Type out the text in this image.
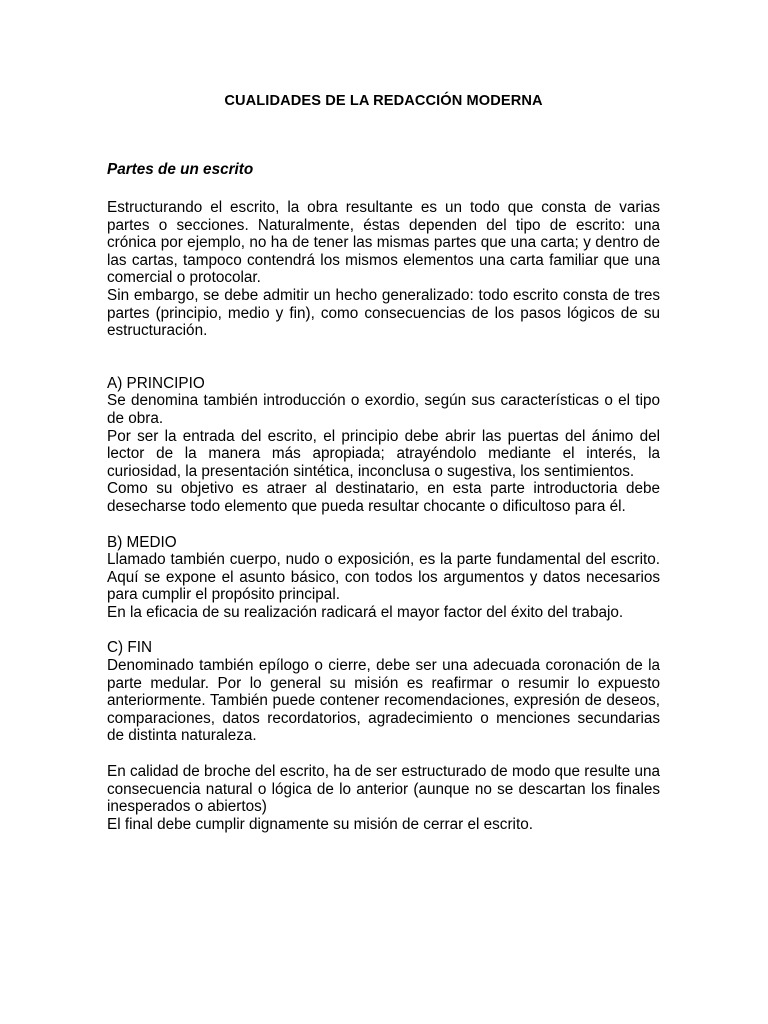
CUALIDADES DE LA REDACCIÓN MODERNA
Partes de un escrito

Estructurando el escrito, la obra resultante es un todo que consta de varias partes o secciones. Naturalmente, éstas dependen del tipo de escrito: una crónica por ejemplo, no ha de tener las mismas partes que una carta; y dentro de las cartas, tampoco contendrá los mismos elementos una carta familiar que una comercial o protocolar.

Sin embargo, se debe admitir un hecho generalizado: todo escrito consta de tres partes (principio, medio y fin), como consecuencias de los pasos lógicos de su estructuración.

A) PRINCIPIO

Se denomina también introducción o exordio, según sus características o el tipo de obra.

Por ser la entrada del escrito, el principio debe abrir las puertas del ánimo del lector de la manera más apropiada; atrayéndolo mediante el interés, la curiosidad, la presentación sintética, inconclusa o sugestiva, los sentimientos.

Como su objetivo es atraer al destinatario, en esta parte introductoria debe desecharse todo elemento que pueda resultar chocante o dificultoso para él.

B) MEDIO

Llamado también cuerpo, nudo o exposición, es la parte fundamental del escrito. Aquí se expone el asunto básico, con todos los argumentos y datos necesarios para cumplir el propósito principal.

En la eficacia de su realización radicará el mayor factor del éxito del trabajo.

C) FIN

Denominado también epílogo o cierre, debe ser una adecuada coronación de la parte medular. Por lo general su misión es reafirmar o resumir lo expuesto anteriormente. También puede contener recomendaciones, expresión de deseos, comparaciones, datos recordatorios, agradecimiento o menciones secundarias de distinta naturaleza.

En calidad de broche del escrito, ha de ser estructurado de modo que resulte una consecuencia natural o lógica de lo anterior (aunque no se descartan los finales inesperados o abiertos)

El final debe cumplir dignamente su misión de cerrar el escrito.
